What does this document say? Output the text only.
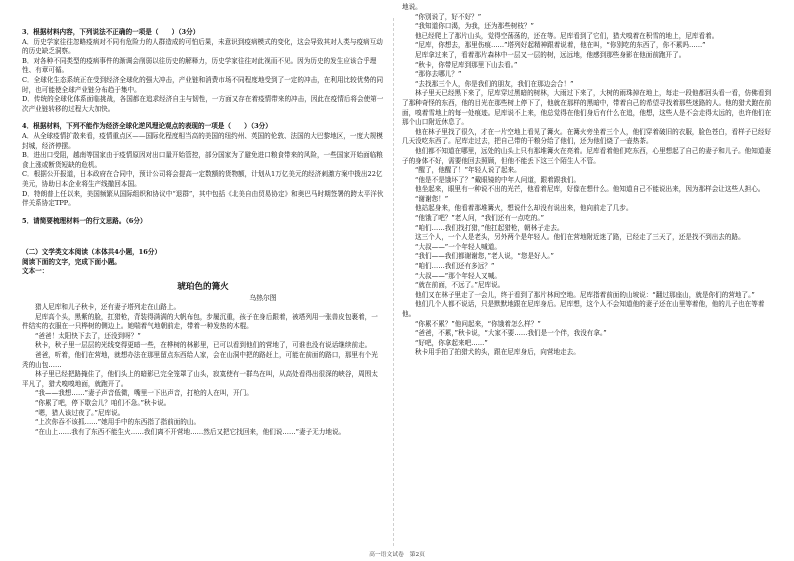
3．根据材料内容，下列说法不正确的一项是（　　）（3分）

A．历史学家往往忽略疫病对不同有危险力的人群造成的可怕后果，未意识到疫病模式的变化，这会导致其对人类与疫病互动的历史缺乏洞察。

B．对各种不同类型的疫病事件的渐调会削弱以往历史的解释力，历史学家往往对此视而不见。因为历史的发生应该合乎理性、有章可循。

C．全球化生态系统正在受到经济全球化的强大冲击，产业链和消费市场不同程度地受到了一定的冲击，在利用比较优势的同时，也可能使全球产业链分布趋于集中。

D．传统的全球化体系面临挑战，各国都在追求经济自主与韧性，一方面又存在着疫情带来的冲击，因此在疫情后将会使第一次产业链转移的过程大大加快。

4．根据材料，下列不能作为经济全球化逆风理论观点的表现的一项是（　　）（3分）

A．从全球疫情扩散来看，疫情重点区——国际化程度相当高的美国的纽约州、英国的伦敦、法国的大巴黎地区，一度大规模封城，经济停摆。

B．进出口受阻，越南等国家由于疫情原因对出口量开始管控，部分国家为了避免进口粮食带来的风险，一些国家开始面临粮食上涨或断货短缺的危机。

C．根据公开报道，日本政府在合同中，预计公司将会提高一定数额的货物额，计划从1万亿美元的经济刺激方案中拨出22亿美元，协助日本企业将生产线撤回本国。

D．特朗普上任以来，美国频繁从国际组织和协议中“退群”，其中包括《北美自由贸易协定》和奥巴马时期签署的跨太平洋伙伴关系协定TPP。

5．请简要梳理材料一的行文思路。（6分）

（二）文学类文本阅读（本体共4小题，16分）

阅读下面的文字，完成下面小题。

文本一：

琥珀色的篝火

乌热尔图

猎人尼库和儿子秋卡，还有妻子塔列走在山路上。

尼库高个头，黑紫的脸，扛猎枪，背装得满满的大帆布包，步履沉重，孩子在身后跟着，被塔列用一张兽皮包裹着，一件结实的衣服在一只桦树的侧边上。她喘着气地朝前走，带着一种发热的木棍。

“爸爸！太阳快下去了，还没到呀？”

秋卡，秋子里一层层的光线变得更暗一些，在桦树的林影里，已可以看到他们的营地了，可谁也没有说话继续前走。

爸爸，听着，他们在营地，就想办法在那里留点东西给人家，会在山洞中把的路赶上，可能在前面的路口，那里有个光秃的山包……

林子里已经把路掩住了，他们头上的暗影已完全笼罩了山头，寂寞使有一群鸟在叫，从高处看得出很深的峡谷，周围太平凡了，猎犬嗅嗅地面，就跑开了。

“我——我想……”妻子声音低微，嘴里一下出声音，打枪的人在叫，开门。

“你累了吧，停下歇会儿？咱们不急。”秋卡说。

“嗯，猎人该过夜了。”尼库说。

“上次你吞不该抓……”她用手中的东西指了指前面的山。

“在山上……我有了东西不能生火……我们离不开营地……然后又把它找回来，他们说……”妻子无力地说。

地说。

“你别说了，好不好？”

“我知道你口渴，为我，还为那些树枝？”

他已经爬上了那片山头，觉得空荡荡的，还在等。尼库看到了它们，猎犬嗅着在积雪的地上，尼库看着。

“尼库，你想去，那里伤痕……”塔列好起精神跟着说着，他在叫，“你别吃的东西了，你不累吗……”

尼库拿过来了，看着那片森林中一层又一层的树，远远地，他感到那些身影在他面前跑开了。

“秋卡，你带尼库到那里下山去看。”

“那你去哪儿？”

“去找那三个人，你是我们的朋友，我们在那边会合！”

林子里天已经黑下来了，尼库穿过黑暗的树林，大雨过下来了，大树的雨珠掉在地上，每走一段他都回头看一看，仿佛看到了那种奇怪的东西，他的目光在那些树上停下了，他就在那样的黑暗中，带着自己的希望寻找着那些迷路的人。他的猎犬跑在前面，嗅着雪地上的每一处痕迹。尼库说不上来，他总觉得在他们身后有什么在追，他想，这些人是不会走得太远的，也许他们在那个山口附近休息了。

他在林子里找了很久，才在一片空地上看见了篝火。在篝火旁坐着三个人，他们穿着破旧的衣服，脸色苍白，看样子已经好几天没吃东西了。尼库走过去，把自己带的干粮分给了他们，还为他们烧了一壶热茶。

他们都不知道在哪里，远处的山头上只有那堆篝火在亮着。尼库看着他们吃东西，心里想起了自己的妻子和儿子。他知道妻子的身体不好，需要他回去照顾，但他不能丢下这三个陌生人不管。

“醒了，他醒了！”年轻人说了起来。

“他是不是饿坏了？”戴眼镜的中年人问道，跟着跟我们。

他坐起来，眼里有一种说不出的光芒，他看着尼库，好像在想什么。他知道自己不能说出来，因为那样会让这些人担心。

“谢谢您！”

他站起身来，他看着那堆篝火，想说什么却没有说出来，他向前走了几步。

“他饿了吧？”老人问，“我们还有一点吃的。”

“咱们……我们找打猎，”他扛起猎枪，朝林子走去。

这三个人，一个人是老头，另外两个是年轻人。他们在营地附近迷了路，已经走了三天了，还是找不到出去的路。

“大叔——”一个年轻人喊道。

“我们——我们都谢谢您，”老人说，“您是好人。”

“咱们……我们还有多远？”

“大叔——”那个年轻人又喊。

“就在前面，不远了。”尼库说。

他们又在林子里走了一会儿，终于看到了那片林间空地。尼库指着前面的山坡说：“翻过那座山，就是你们的营地了。”

他们几个人都不说话，只是默默地跟在尼库身后。尼库想，这个人不会知道他的妻子还在山里等着他，他的儿子也在等着他。

“你累不累？”他问起来，“你饿着怎么样？”

“爸爸，不累，”秋卡说，“大家不要……我们是一个伴，我没有拿。”

“好吧，你拿起来吧……”

秋卡用手拍了拍猎犬的头，跟在尼库身后，向营地走去。

高一语文试卷　第2页
